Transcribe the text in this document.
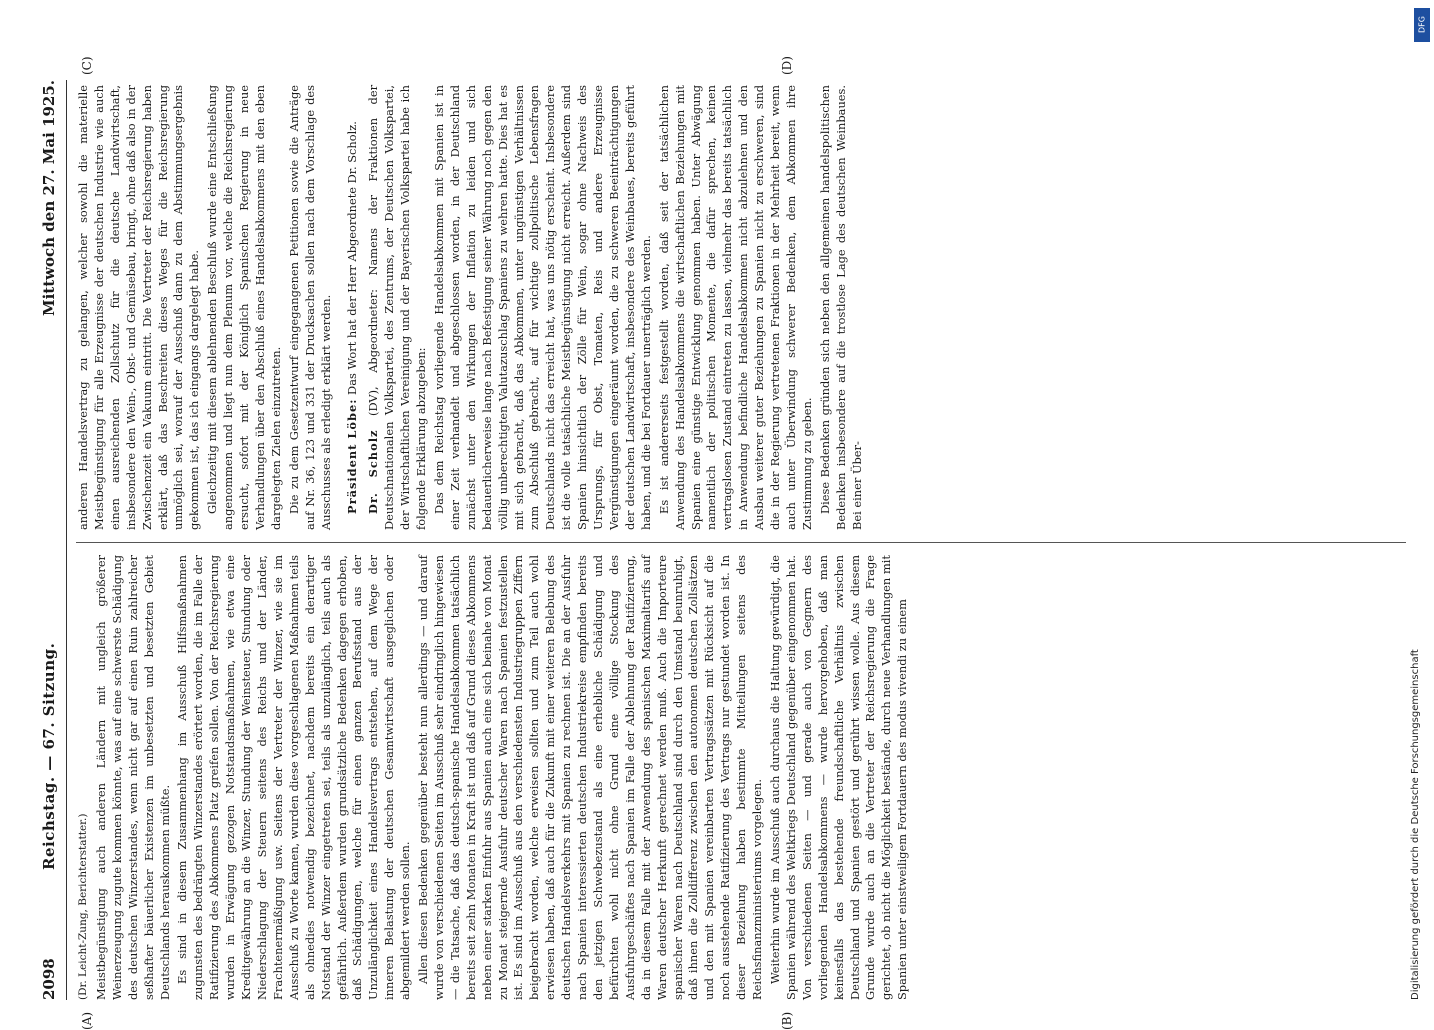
2098
Reichstag. — 67. Sitzung.
Mittwoch den 27. Mai 1925.
(A)	(B)
(C)	(D)

(Dr. Leicht-Zung, Berichterstatter.) Meistbegünstigung auch anderen Ländern mit ungleich größerer Weinerzeugung zugute kommen könnte, was auf eine schwerste Schädigung des deutschen Winzerstandes, wenn nicht gar auf einen Ruin zahlreicher seßhafter bäuerlicher Existenzen im unbesetzten und besetzten Gebiet Deutschlands herauskommen müßte. Es sind in diesem Zusammenhang im Ausschuß Hilfsmaßnahmen zugunsten des bedrängten Winzerstandes erörtert worden, die im Falle der Ratifizierung des Abkommens Platz greifen sollen. Von der Reichsregierung wurden in Erwägung gezogen Notstandsmaßnahmen, wie etwa eine Kreditgewährung an die Winzer, Stundung der Weinsteuer, Stundung oder Niederschlagung der Steuern seitens des Reichs und der Länder, Frachtenermäßigung usw. Seitens der Vertreter der Winzer, wie sie im Ausschuß zu Worte kamen, wurden diese vorgeschlagenen Maßnahmen teils als ohnedies notwendig bezeichnet, nachdem bereits ein derartiger Notstand der Winzer eingetreten sei, teils als unzulänglich, teils auch als gefährlich. Außerdem wurden grundsätzliche Bedenken dagegen erhoben, daß Schädigungen, welche für einen ganzen Berufsstand aus der Unzulänglichkeit eines Handelsvertrags entstehen, auf dem Wege der inneren Belastung der deutschen Gesamtwirtschaft ausgeglichen oder abgemildert werden sollen. Allen diesen Bedenken gegenüber besteht nun allerdings — und darauf wurde von verschiedenen Seiten im Ausschuß sehr eindringlich hingewiesen — die Tatsache, daß das deutsch-spanische Handelsabkommen tatsächlich bereits seit zehn Monaten in Kraft ist und daß auf Grund dieses Abkommens neben einer starken Einfuhr aus Spanien auch eine sich beinahe von Monat zu Monat steigernde Ausfuhr deutscher Waren nach Spanien festzustellen ist. Es sind im Ausschuß aus den verschiedensten Industriegruppen Ziffern beigebracht worden, welche erweisen sollten und zum Teil auch wohl erwiesen haben, daß auch für die Zukunft mit einer weiteren Belebung des deutschen Handelsverkehrs mit Spanien zu rechnen ist. Die an der Ausfuhr nach Spanien interessierten deutschen Industriekreise empfinden bereits den jetzigen Schwebezustand als eine erhebliche Schädigung und befürchten wohl nicht ohne Grund eine völlige Stockung des Ausfuhrgeschäftes nach Spanien im Falle der Ablehnung der Ratifizierung, da in diesem Falle mit der Anwendung des spanischen Maximaltarifs auf Waren deutscher Herkunft gerechnet werden muß. Auch die Importeure spanischer Waren nach Deutschland sind durch den Umstand beunruhigt, daß ihnen die Zolldifferenz zwischen den autonomen deutschen Zollsätzen und den mit Spanien vereinbarten Vertragssätzen mit Rücksicht auf die noch ausstehende Ratifizierung des Vertrags nur gestundet worden ist. In dieser Beziehung haben bestimmte Mitteilungen seitens des Reichsfinanzministeriums vorgelegen. Weiterhin wurde im Ausschuß auch durchaus die Haltung gewürdigt, die Spanien während des Weltkriegs Deutschland gegenüber eingenommen hat. Von verschiedenen Seiten — und gerade auch von Gegnern des vorliegenden Handelsabkommens — wurde hervorgehoben, daß man keinesfalls das bestehende freundschaftliche Verhältnis zwischen Deutschland und Spanien gestört und gerührt wissen wolle. Aus diesem Grunde wurde auch an die Vertreter der Reichsregierung die Frage gerichtet, ob nicht die Möglichkeit bestände, durch neue Verhandlungen mit Spanien unter einstweiligem Fortdauern des modus vivendi zu einem

anderen Handelsvertrag zu gelangen, welcher sowohl die materielle Meistbegünstigung für alle Erzeugnisse der deutschen Industrie wie auch einen ausreichenden Zollschutz für die deutsche Landwirtschaft, insbesondere den Wein-, Obst- und Gemüsebau, bringt, ohne daß also in der Zwischenzeit ein Vakuum eintritt. Die Vertreter der Reichsregierung haben erklärt, daß das Beschreiten dieses Weges für die Reichsregierung unmöglich sei, worauf der Ausschuß dann zu dem Abstimmungsergebnis gekommen ist, das ich eingangs dargelegt habe. Gleichzeitig mit diesem ablehnenden Beschluß wurde eine Entschließung angenommen und liegt nun dem Plenum vor, welche die Reichsregierung ersucht, sofort mit der Königlich Spanischen Regierung in neue Verhandlungen über den Abschluß eines Handelsabkommens mit den eben dargelegten Zielen einzutreten. Die zu dem Gesetzentwurf eingegangenen Petitionen sowie die Anträge auf Nr. 36, 123 und 331 der Drucksachen sollen nach dem Vorschlage des Ausschusses als erledigt erklärt werden. Präsident Löbe: Das Wort hat der Herr Abgeordnete Dr. Scholz.

Dr. Scholz (DV), Abgeordneter: Namens der Fraktionen der Deutschnationalen Volkspartei, des Zentrums, der Deutschen Volkspartei, der Wirtschaftlichen Vereinigung und der Bayerischen Volkspartei habe ich folgende Erklärung abzugeben: Das dem Reichstag vorliegende Handelsabkommen mit Spanien ist in einer Zeit verhandelt und abgeschlossen worden, in der Deutschland zunächst unter den Wirkungen der Inflation zu leiden und sich bedauerlicherweise lange nach Befestigung seiner Währung noch gegen den völlig unberechtigten Valutazuschlag Spaniens zu wehren hatte. Dies hat es mit sich gebracht, daß das Abkommen, unter ungünstigen Verhältnissen zum Abschluß gebracht, auf für wichtige zollpolitische Lebensfragen Deutschlands nicht das erreicht hat, was uns nötig erscheint. Insbesondere ist die volle tatsächliche Meistbegünstigung nicht erreicht. Außerdem sind Spanien hinsichtlich der Zölle für Wein, sogar ohne Nachweis des Ursprungs, für Obst, Tomaten, Reis und andere Erzeugnisse Vergünstigungen eingeräumt worden, die zu schweren Beeinträchtigungen der deutschen Landwirtschaft, insbesondere des Weinbaues, bereits geführt haben, und die bei Fortdauer unerträglich werden. Es ist andererseits festgestellt worden, daß seit der tatsächlichen Anwendung des Handelsabkommens die wirtschaftlichen Beziehungen mit Spanien eine günstige Entwicklung genommen haben. Unter Abwägung namentlich der politischen Momente, die dafür sprechen, keinen vertragslosen Zustand eintreten zu lassen, vielmehr das bereits tatsächlich in Anwendung befindliche Handelsabkommen nicht abzulehnen und den Ausbau weiterer guter Beziehungen zu Spanien nicht zu erschweren, sind die in der Regierung vertretenen Fraktionen in der Mehrheit bereit, wenn auch unter Überwindung schwerer Bedenken, dem Abkommen ihre Zustimmung zu geben. Diese Bedenken gründen sich neben den allgemeinen handelspolitischen Bedenken insbesondere auf die trostlose Lage des deutschen Weinbaues. Bei einer Über-

Digitalisierung gefördert durch die Deutsche Forschungsgemeinschaft
DFG
